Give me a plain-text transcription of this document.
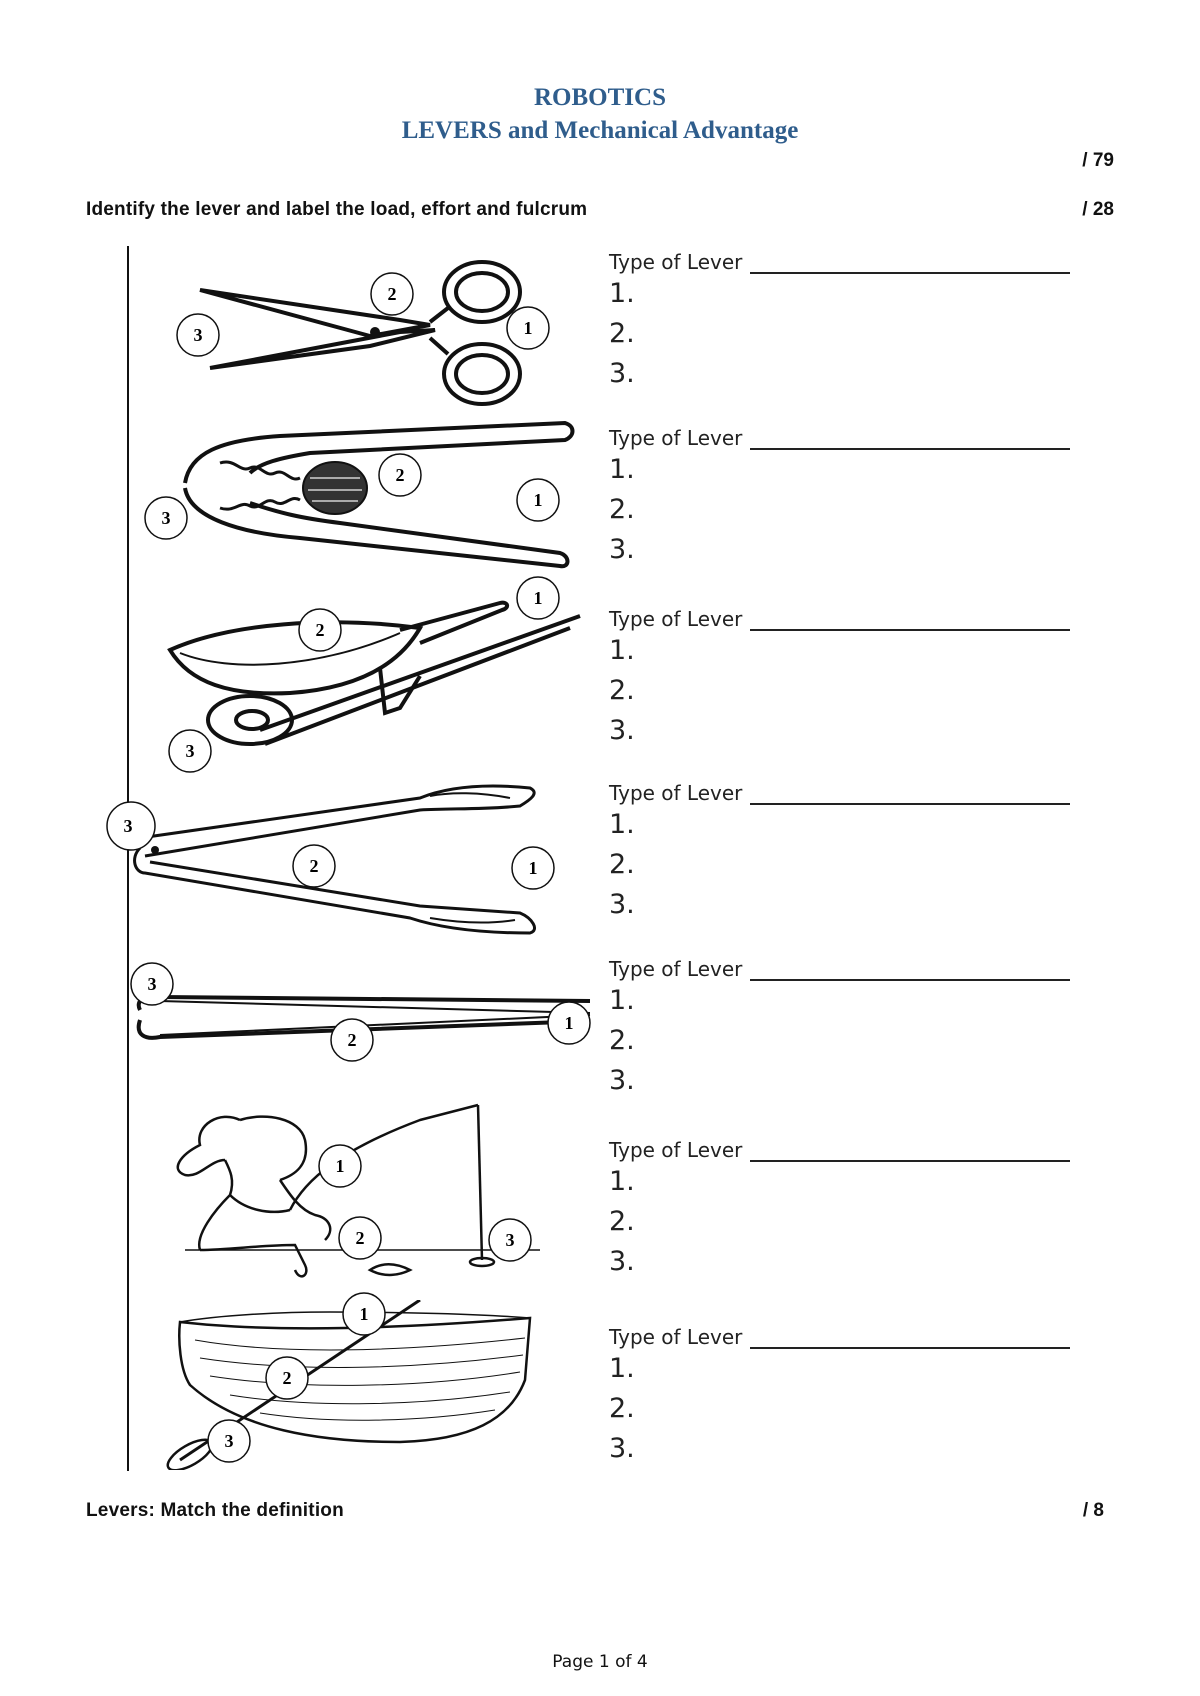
ROBOTICS
LEVERS and Mechanical Advantage
/ 79
Identify the lever and label the load, effort and fulcrum	/ 28
1
2
3
Type of Lever
1.
2.
3.
1
2
3
Type of Lever
1.
2.
3.
1
2
3
Type of Lever
1.
2.
3.
1
2
3
Type of Lever
1.
2.
3.
1
2
3
Type of Lever
1.
2.
3.
1
2	3
Type of Lever
1.
2.
3.
1
2
3
Type of Lever
1.
2.
3.
Levers: Match the definition	/ 8
Page 1 of 4
